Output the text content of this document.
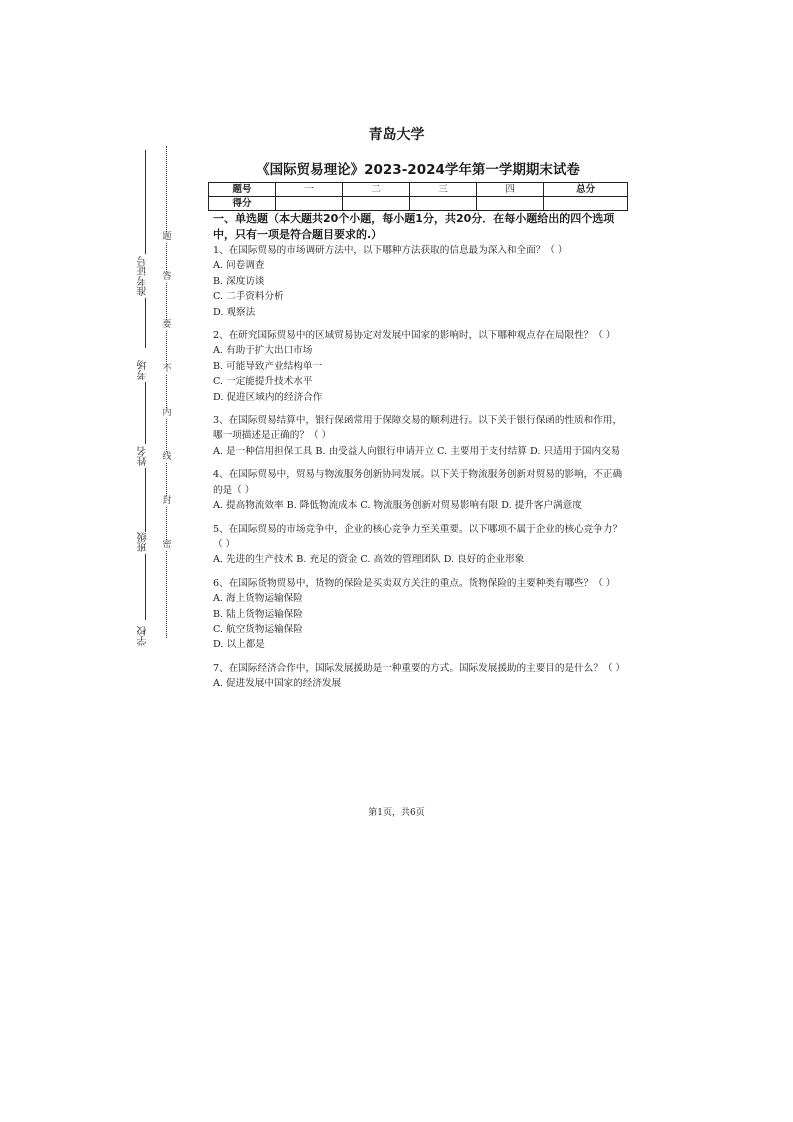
题
答
要
不
内
线
封
密
准考证号
考场
姓名
班级
学校
青岛大学
《国际贸易理论》2023-2024学年第一学期期末试卷
题号	一	二	三	四	总分
得分					
一、单选题（本大题共20个小题，每小题1分，共20分．在每小题给出的四个选项中，只有一项是符合题目要求的.）

1、在国际贸易的市场调研方法中，以下哪种方法获取的信息最为深入和全面？（ ）

A. 问卷调查

B. 深度访谈

C. 二手资料分析

D. 观察法

2、在研究国际贸易中的区域贸易协定对发展中国家的影响时，以下哪种观点存在局限性？（ ）

A. 有助于扩大出口市场

B. 可能导致产业结构单一

C. 一定能提升技术水平

D. 促进区域内的经济合作

3、在国际贸易结算中，银行保函常用于保障交易的顺利进行。以下关于银行保函的性质和作用，哪一项描述是正确的？（ ）

A. 是一种信用担保工具 B. 由受益人向银行申请开立 C. 主要用于支付结算 D. 只适用于国内交易

4、在国际贸易中，贸易与物流服务创新协同发展。以下关于物流服务创新对贸易的影响，不正确的是（ ）

A. 提高物流效率 B. 降低物流成本 C. 物流服务创新对贸易影响有限 D. 提升客户满意度

5、在国际贸易的市场竞争中，企业的核心竞争力至关重要。以下哪项不属于企业的核心竞争力？（ ）

A. 先进的生产技术 B. 充足的资金 C. 高效的管理团队 D. 良好的企业形象

6、在国际货物贸易中，货物的保险是买卖双方关注的重点。货物保险的主要种类有哪些？（ ）

A. 海上货物运输保险

B. 陆上货物运输保险

C. 航空货物运输保险

D. 以上都是

7、在国际经济合作中，国际发展援助是一种重要的方式。国际发展援助的主要目的是什么？（ ）

A. 促进发展中国家的经济发展

第1页，共6页
